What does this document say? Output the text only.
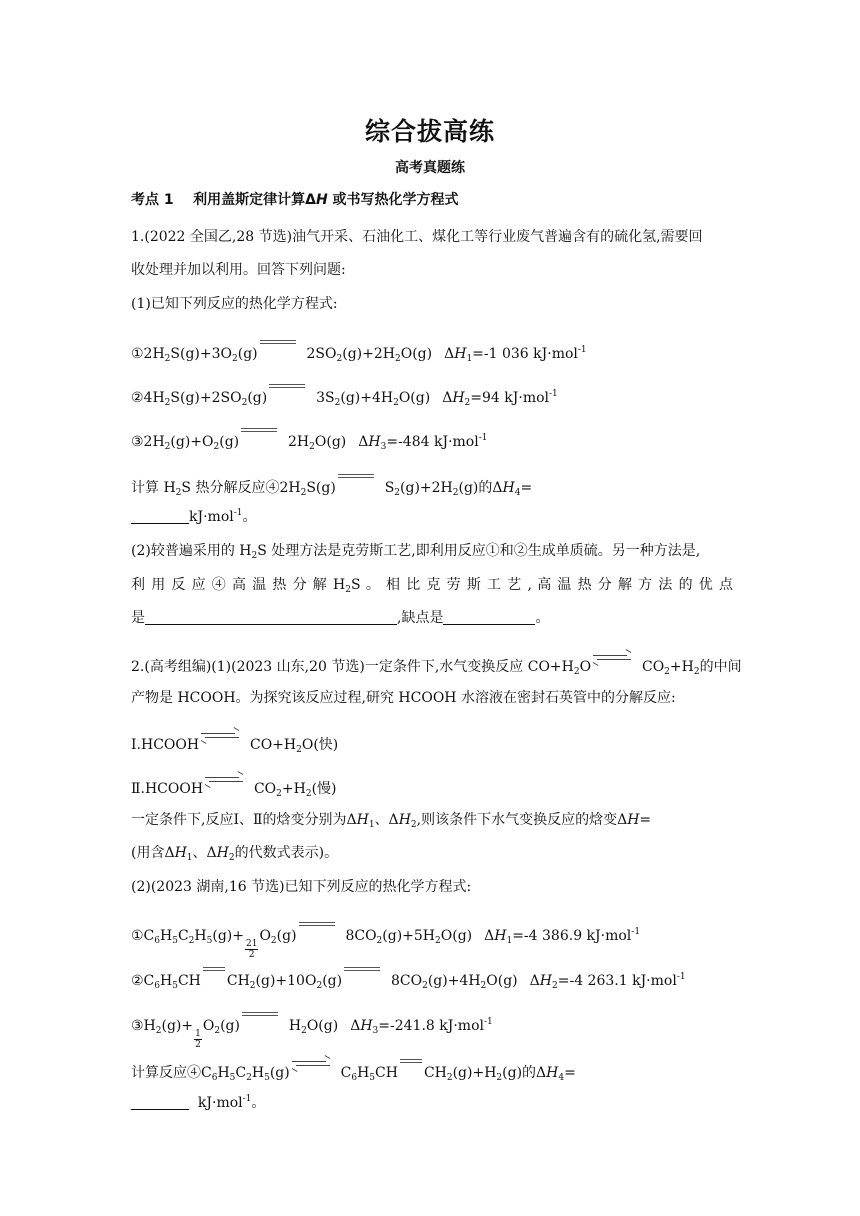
综合拔高练
高考真题练
考点 1 利用盖斯定律计算ΔH 或书写热化学方程式
1.(2022 全国乙,28 节选)油气开采、石油化工、煤化工等行业废气普遍含有的硫化氢,需要回
收处理并加以利用。回答下列问题:
(1)已知下列反应的热化学方程式:
$①2H_2S(g)+3O_2(g)$	$2SO_2(g)+2H_2O(g)$ $\Delta H_1=-1$ 036 kJ·mol$^{-1}$
$②4H_2S(g)+2SO_2(g)$	$3S_2(g)+4H_2O(g)$ $\Delta H_2=94$ kJ·mol$^{-1}$
$③2H_2(g)+O_2(g)$	$2H_2O(g)$ $\Delta H_3=-484$ kJ·mol$^{-1}$
计算 $H_2S$ 热分解反应$④2H_2S(g)$	$S_2(g)+2H_2(g)$的$\Delta H_4=$
kJ·mol$^{-1}$。
(2)较普遍采用的 $H_2S$ 处理方法是克劳斯工艺,即利用反应①和②生成单质硫。另一种方法是,
利 用 反 应 ④ 高 温 热 分 解 $H_2S$ 。 相 比 克 劳 斯 工 艺 , 高 温 热 分 解 方 法 的 优 点
是	,缺点是	。
2.(高考组编)(1)(2023 山东,20 节选)一定条件下,水气变换反应 $CO+H_2O$	$CO_2+H_2$的中间
产物是 HCOOH。为探究该反应过程,研究 HCOOH 水溶液在密封石英管中的分解反应:
Ⅰ.HCOOH	$CO+H_2O$(快)
Ⅱ.HCOOH	$CO_2+H_2$(慢)
一定条件下,反应Ⅰ、Ⅱ的焓变分别为$\Delta H_1$、$\Delta H_2$,则该条件下水气变换反应的焓变ΔH=
(用含$\Delta H_1$、$\Delta H_2$的代数式表示)。
(2)(2023 湖南,16 节选)已知下列反应的热化学方程式:
$①C_6H_5C_2H_5(g)+$
$\frac{21}{2}$
$O_2(g)$	$8CO_2(g)+5H_2O(g)$ $\Delta H_1=-4$ 386.9 kJ·mol$^{-1}$
$②C_6H_5CH$ $CH_2(g)+10O_2(g)$	$8CO_2(g)+4H_2O(g)$ $\Delta H_2=-4$ 263.1 kJ·mol$^{-1}$
$③H_2(g)+$
$\frac{1}{2}$
$O_2(g)$	$H_2O(g)$ $\Delta H_3=-241.8$ kJ·mol$^{-1}$
计算反应$④C_6H_5C_2H_5(g)$	$C_6H_5CH$ $CH_2(g)+H_2(g)$的$\Delta H_4=$
kJ·mol$^{-1}$。
